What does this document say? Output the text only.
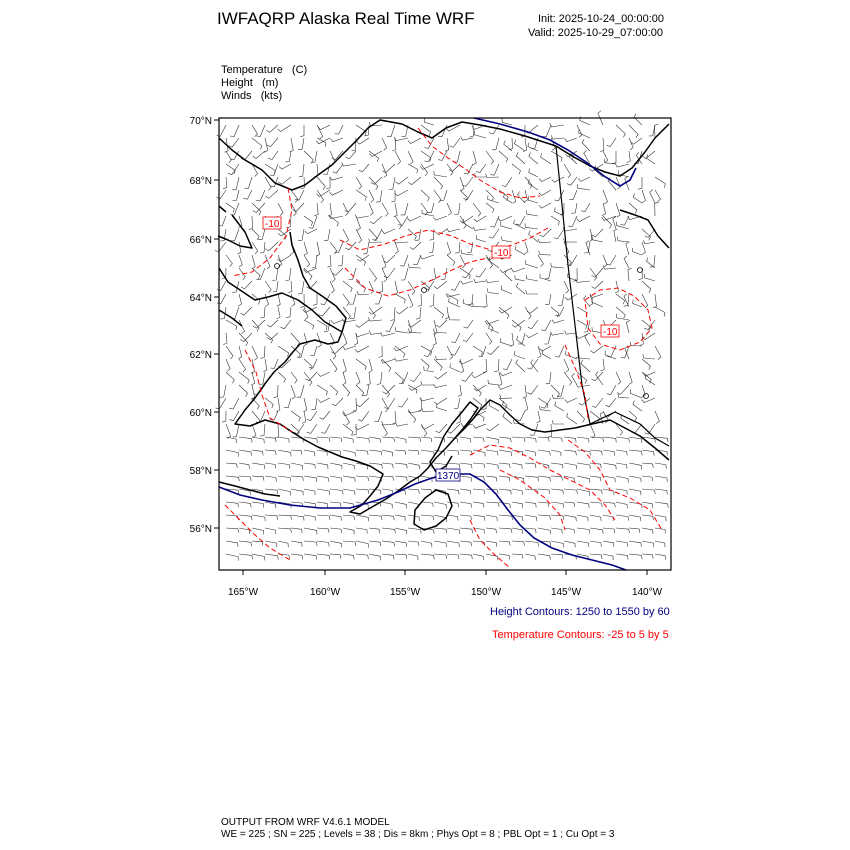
IWFAQRP Alaska Real Time WRF	Init: 2025-10-24_00:00:00
Valid: 2025-10-29_07:00:00
Temperature   (C)
Height   (m)
Winds   (kts)
-10
-10
-10
1370
70°N
68°N
66°N
64°N
62°N
60°N
58°N
56°N
165°W	160°W	155°W	150°W	145°W	140°W
Height Contours: 1250 to 1550 by 60
Temperature Contours: -25 to 5 by 5
OUTPUT FROM WRF V4.6.1 MODEL
WE = 225 ; SN = 225 ; Levels = 38 ; Dis = 8km ; Phys Opt = 8 ; PBL Opt = 1 ; Cu Opt = 3
